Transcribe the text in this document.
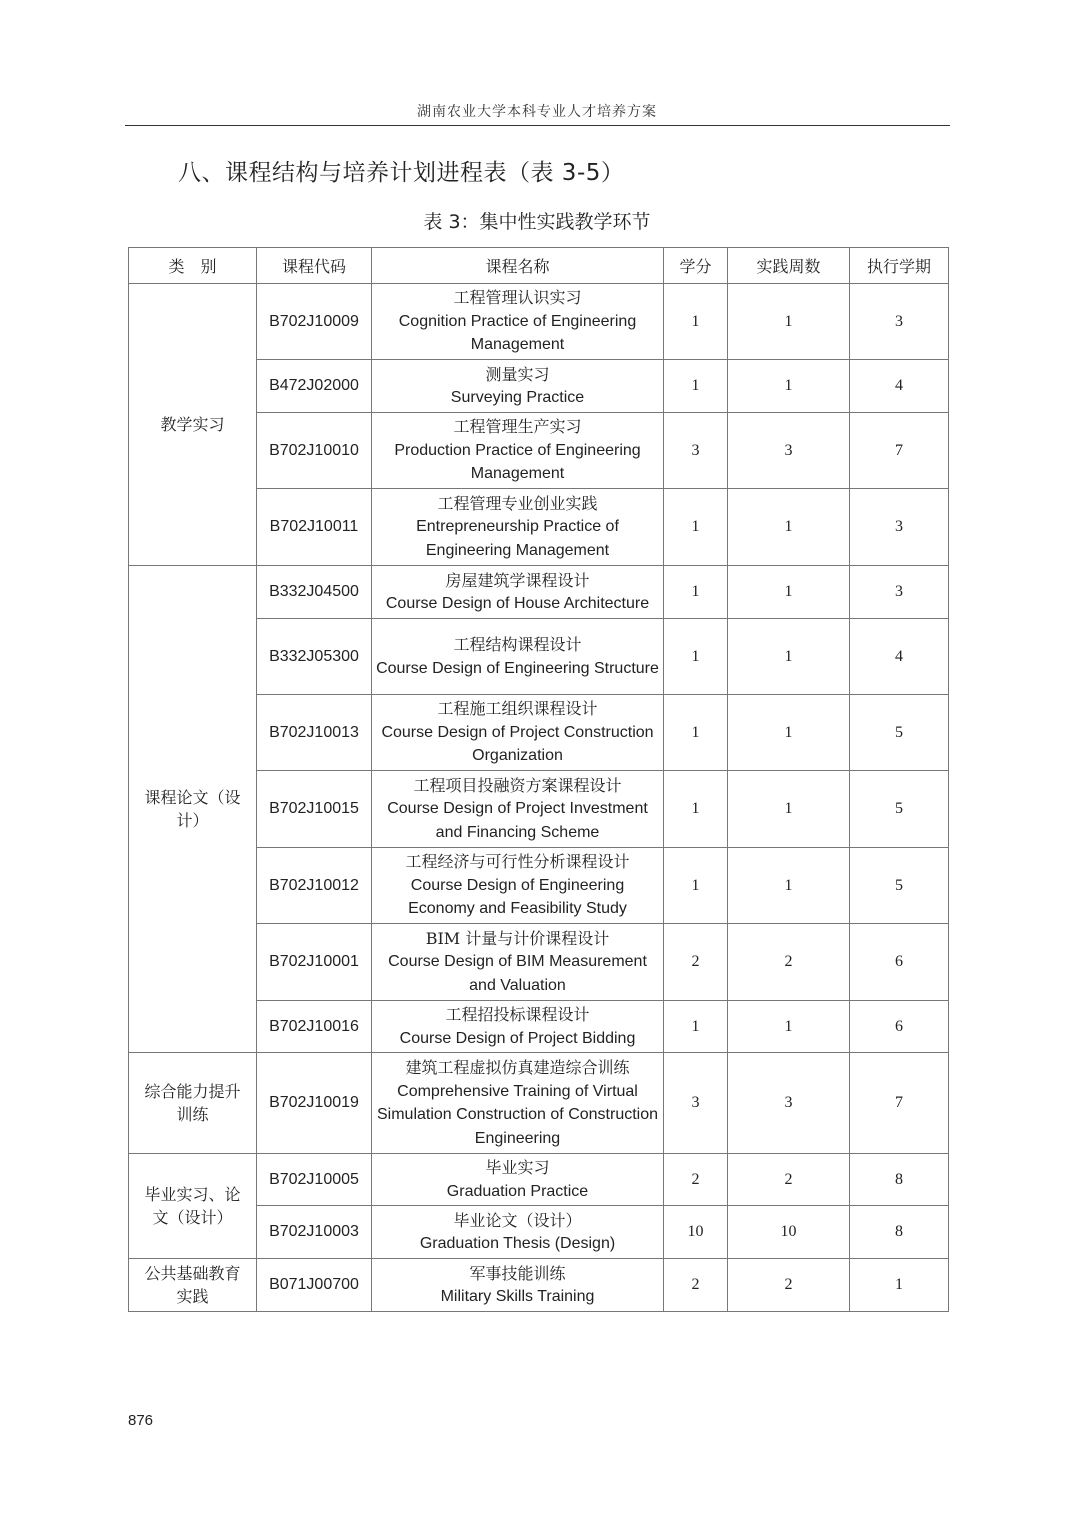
湖南农业大学本科专业人才培养方案
八、课程结构与培养计划进程表（表 3-5）
表 3：集中性实践教学环节
类　别	课程代码	课程名称	学分	实践周数	执行学期
教学实习	B702J10009	工程管理认识实习
Cognition Practice of Engineering Management	1	1	3
	B472J02000	测量实习
Surveying Practice	1	1	4
	B702J10010	工程管理生产实习
Production Practice of Engineering Management	3	3	7
	B702J10011	工程管理专业创业实践
Entrepreneurship Practice of Engineering Management	1	1	3
课程论文（设计）	B332J04500	房屋建筑学课程设计
Course Design of House Architecture	1	1	3
	B332J05300	工程结构课程设计
Course Design of Engineering Structure	1	1	4
	B702J10013	工程施工组织课程设计
Course Design of Project Construction Organization	1	1	5
	B702J10015	工程项目投融资方案课程设计
Course Design of Project Investment and Financing Scheme	1	1	5
	B702J10012	工程经济与可行性分析课程设计
Course Design of Engineering Economy and Feasibility Study	1	1	5
	B702J10001	BIM 计量与计价课程设计
Course Design of BIM Measurement and Valuation	2	2	6
	B702J10016	工程招投标课程设计
Course Design of Project Bidding	1	1	6
综合能力提升训练	B702J10019	建筑工程虚拟仿真建造综合训练
Comprehensive Training of Virtual Simulation Construction of Construction Engineering	3	3	7
毕业实习、论文（设计）	B702J10005	毕业实习
Graduation Practice	2	2	8
	B702J10003	毕业论文（设计）
Graduation Thesis (Design)	10	10	8
公共基础教育实践	B071J00700	军事技能训练
Military Skills Training	2	2	1
876
